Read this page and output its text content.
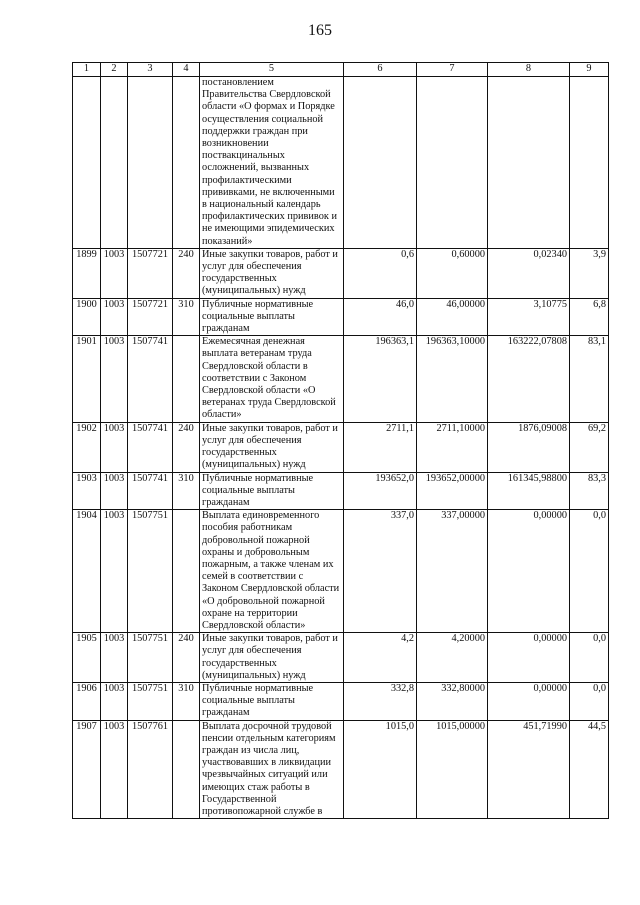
165
1	2	3	4	5	6	7	8	9
				постановлением Правительства Свердловской области «О формах и Порядке осуществления социальной поддержки граждан при возникновении поствакцинальных осложнений, вызванных профилактическими прививками, не включенными в национальный календарь профилактических прививок и не имеющими эпидемических показаний»				
1899	1003	1507721	240	Иные закупки товаров, работ и услуг для обеспечения государственных (муниципальных) нужд	0,6	0,60000	0,02340	3,9
1900	1003	1507721	310	Публичные нормативные социальные выплаты гражданам	46,0	46,00000	3,10775	6,8
1901	1003	1507741		Ежемесячная денежная выплата ветеранам труда Свердловской области в соответствии с Законом Свердловской области «О ветеранах труда Свердловской области»	196363,1	196363,10000	163222,07808	83,1
1902	1003	1507741	240	Иные закупки товаров, работ и услуг для обеспечения государственных (муниципальных) нужд	2711,1	2711,10000	1876,09008	69,2
1903	1003	1507741	310	Публичные нормативные социальные выплаты гражданам	193652,0	193652,00000	161345,98800	83,3
1904	1003	1507751		Выплата единовременного пособия работникам добровольной пожарной охраны и добровольным пожарным, а также членам их семей в соответствии с Законом Свердловской области «О добровольной пожарной охране на территории Свердловской области»	337,0	337,00000	0,00000	0,0
1905	1003	1507751	240	Иные закупки товаров, работ и услуг для обеспечения государственных (муниципальных) нужд	4,2	4,20000	0,00000	0,0
1906	1003	1507751	310	Публичные нормативные социальные выплаты гражданам	332,8	332,80000	0,00000	0,0
1907	1003	1507761		Выплата досрочной трудовой пенсии отдельным категориям граждан из числа лиц, участвовавших в ликвидации чрезвычайных ситуаций или имеющих стаж работы в Государственной противопожарной службе в	1015,0	1015,00000	451,71990	44,5
